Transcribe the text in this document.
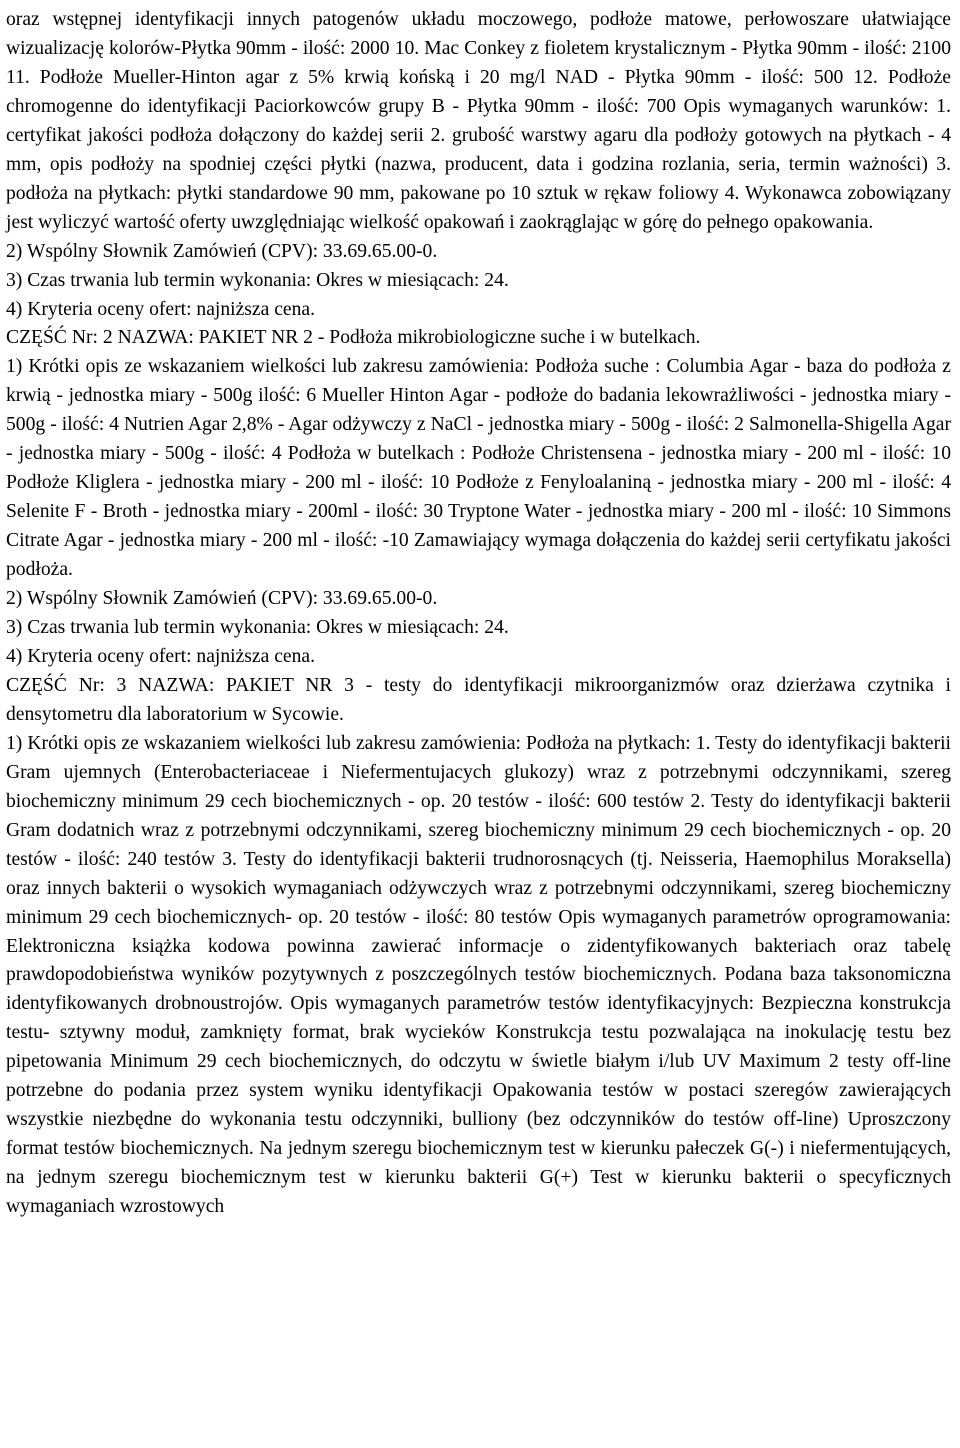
oraz wstępnej identyfikacji innych patogenów układu moczowego, podłoże matowe, perłowoszare ułatwiające wizualizację kolorów-Płytka 90mm - ilość: 2000 10. Mac Conkey z fioletem krystalicznym - Płytka 90mm - ilość: 2100 11. Podłoże Mueller-Hinton agar z 5% krwią końską i 20 mg/l NAD - Płytka 90mm - ilość: 500 12. Podłoże chromogenne do identyfikacji Paciorkowców grupy B - Płytka 90mm - ilość: 700 Opis wymaganych warunków: 1. certyfikat jakości podłoża dołączony do każdej serii 2. grubość warstwy agaru dla podłoży gotowych na płytkach - 4 mm, opis podłoży na spodniej części płytki (nazwa, producent, data i godzina rozlania, seria, termin ważności) 3. podłoża na płytkach: płytki standardowe 90 mm, pakowane po 10 sztuk w rękaw foliowy 4. Wykonawca zobowiązany jest wyliczyć wartość oferty uwzględniając wielkość opakowań i zaokrąglając w górę do pełnego opakowania.

2) Wspólny Słownik Zamówień (CPV): 33.69.65.00-0.

3) Czas trwania lub termin wykonania: Okres w miesiącach: 24.

4) Kryteria oceny ofert: najniższa cena.

CZĘŚĆ Nr: 2 NAZWA: PAKIET NR 2 - Podłoża mikrobiologiczne suche i w butelkach.

1) Krótki opis ze wskazaniem wielkości lub zakresu zamówienia: Podłoża suche : Columbia Agar - baza do podłoża z krwią - jednostka miary - 500g ilość: 6 Mueller Hinton Agar - podłoże do badania lekowrażliwości - jednostka miary - 500g - ilość: 4 Nutrien Agar 2,8% - Agar odżywczy z NaCl - jednostka miary - 500g - ilość: 2 Salmonella-Shigella Agar - jednostka miary - 500g - ilość: 4 Podłoża w butelkach : Podłoże Christensena - jednostka miary - 200 ml - ilość: 10 Podłoże Kliglera - jednostka miary - 200 ml - ilość: 10 Podłoże z Fenyloalaniną - jednostka miary - 200 ml - ilość: 4 Selenite F - Broth - jednostka miary - 200ml - ilość: 30 Tryptone Water - jednostka miary - 200 ml - ilość: 10 Simmons Citrate Agar - jednostka miary - 200 ml - ilość: -10 Zamawiający wymaga dołączenia do każdej serii certyfikatu jakości podłoża.

2) Wspólny Słownik Zamówień (CPV): 33.69.65.00-0.

3) Czas trwania lub termin wykonania: Okres w miesiącach: 24.

4) Kryteria oceny ofert: najniższa cena.

CZĘŚĆ Nr: 3 NAZWA: PAKIET NR 3 - testy do identyfikacji mikroorganizmów oraz dzierżawa czytnika i densytometru dla laboratorium w Sycowie.

1) Krótki opis ze wskazaniem wielkości lub zakresu zamówienia: Podłoża na płytkach: 1. Testy do identyfikacji bakterii Gram ujemnych (Enterobacteriaceae i Niefermentujacych glukozy) wraz z potrzebnymi odczynnikami, szereg biochemiczny minimum 29 cech biochemicznych - op. 20 testów - ilość: 600 testów 2. Testy do identyfikacji bakterii Gram dodatnich wraz z potrzebnymi odczynnikami, szereg biochemiczny minimum 29 cech biochemicznych - op. 20 testów - ilość: 240 testów 3. Testy do identyfikacji bakterii trudnorosnących (tj. Neisseria, Haemophilus Moraksella) oraz innych bakterii o wysokich wymaganiach odżywczych wraz z potrzebnymi odczynnikami, szereg biochemiczny minimum 29 cech biochemicznych- op. 20 testów - ilość: 80 testów Opis wymaganych parametrów oprogramowania: Elektroniczna książka kodowa powinna zawierać informacje o zidentyfikowanych bakteriach oraz tabelę prawdopodobieństwa wyników pozytywnych z poszczególnych testów biochemicznych. Podana baza taksonomiczna identyfikowanych drobnoustrojów. Opis wymaganych parametrów testów identyfikacyjnych: Bezpieczna konstrukcja testu- sztywny moduł, zamknięty format, brak wycieków Konstrukcja testu pozwalająca na inokulację testu bez pipetowania Minimum 29 cech biochemicznych, do odczytu w świetle białym i/lub UV Maximum 2 testy off-line potrzebne do podania przez system wyniku identyfikacji Opakowania testów w postaci szeregów zawierających wszystkie niezbędne do wykonania testu odczynniki, bulliony (bez odczynników do testów off-line) Uproszczony format testów biochemicznych. Na jednym szeregu biochemicznym test w kierunku pałeczek G(-) i niefermentujących, na jednym szeregu biochemicznym test w kierunku bakterii G(+) Test w kierunku bakterii o specyficznych wymaganiach wzrostowych
